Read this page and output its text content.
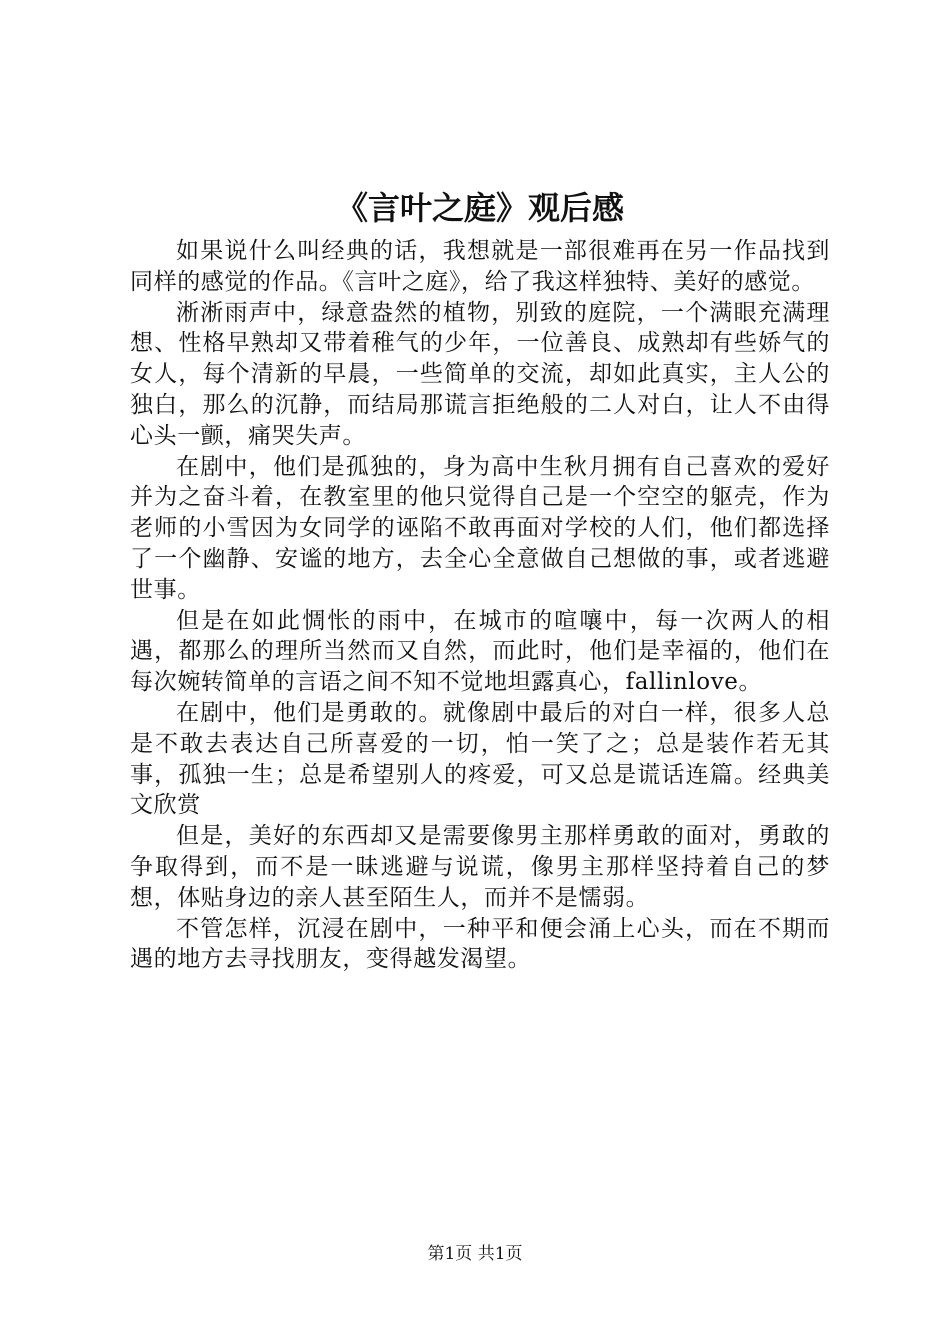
《言叶之庭》观后感

如果说什么叫经典的话，我想就是一部很难再在另一作品找到同样的感觉的作品。《言叶之庭》，给了我这样独特、美好的感觉。

淅淅雨声中，绿意盎然的植物，别致的庭院，一个满眼充满理想、性格早熟却又带着稚气的少年，一位善良、成熟却有些娇气的女人，每个清新的早晨，一些简单的交流，却如此真实，主人公的独白，那么的沉静，而结局那谎言拒绝般的二人对白，让人不由得心头一颤，痛哭失声。

在剧中，他们是孤独的，身为高中生秋月拥有自己喜欢的爱好并为之奋斗着，在教室里的他只觉得自己是一个空空的躯壳，作为老师的小雪因为女同学的诬陷不敢再面对学校的人们，他们都选择了一个幽静、安谧的地方，去全心全意做自己想做的事，或者逃避世事。

但是在如此惆怅的雨中，在城市的喧嚷中，每一次两人的相遇，都那么的理所当然而又自然，而此时，他们是幸福的，他们在每次婉转简单的言语之间不知不觉地坦露真心，fallinlove。

在剧中，他们是勇敢的。就像剧中最后的对白一样，很多人总是不敢去表达自己所喜爱的一切，怕一笑了之；总是装作若无其事，孤独一生；总是希望别人的疼爱，可又总是谎话连篇。经典美文欣赏

但是，美好的东西却又是需要像男主那样勇敢的面对，勇敢的争取得到，而不是一昧逃避与说谎，像男主那样坚持着自己的梦想，体贴身边的亲人甚至陌生人，而并不是懦弱。

不管怎样，沉浸在剧中，一种平和便会涌上心头，而在不期而遇的地方去寻找朋友，变得越发渴望。

第1页 共1页
